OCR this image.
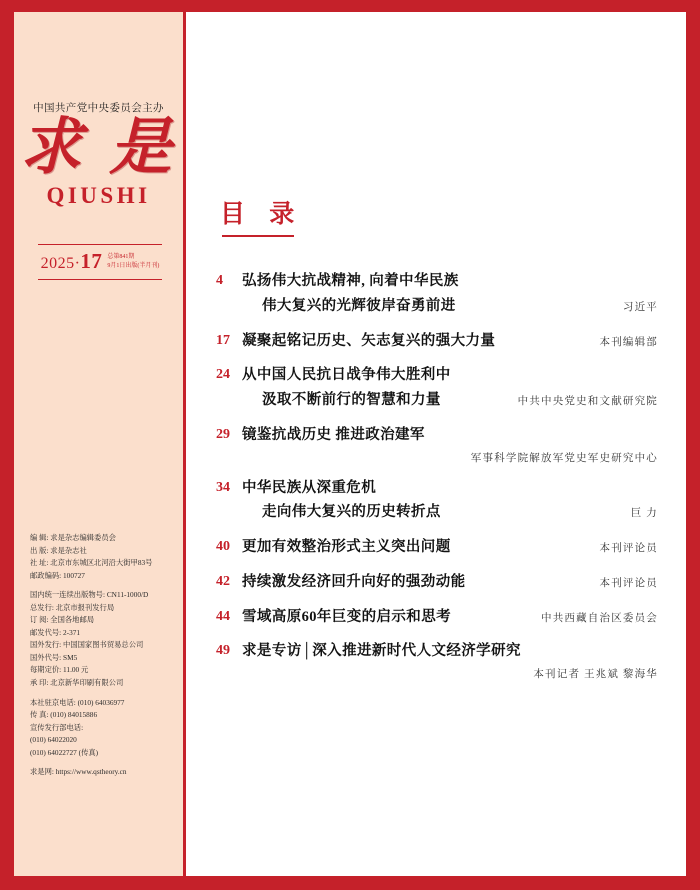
中国共产党中央委员会主办
求 是
QIUSHI
2025·17 总第841期
9月1日出版(半月刊)
编 辑: 求是杂志编辑委员会
出 版: 求是杂志社
社 址: 北京市东城区北河沿大街甲83号
邮政编码: 100727
国内统一连续出版物号: CN11-1000/D
总发行: 北京市报刊发行局
订 阅: 全国各地邮局
邮发代号: 2-371
国外发行: 中国国家图书贸易总公司
国外代号: SM5
每期定价: 11.00 元
承 印: 北京新华印刷有限公司
本社驻京电话: (010) 64036977
传 真: (010) 84015886
宣传发行部电话:
(010) 64022020
(010) 64022727 (传真)
求是网: https://www.qstheory.cn
目 录
4	弘扬伟大抗战精神, 向着中华民族
伟大复兴的光辉彼岸奋勇前进	习近平
17 凝聚起铭记历史、矢志复兴的强大力量	本刊编辑部
24 从中国人民抗日战争伟大胜利中
汲取不断前行的智慧和力量	中共中央党史和文献研究院
29 镜鉴抗战历史 推进政治建军
军事科学院解放军党史军史研究中心
34 中华民族从深重危机
走向伟大复兴的历史转折点	巨 力
40 更加有效整治形式主义突出问题	本刊评论员
42 持续激发经济回升向好的强劲动能	本刊评论员
44 雪域高原60年巨变的启示和思考	中共西藏自治区委员会
49 求是专访│深入推进新时代人文经济学研究
本刊记者 王兆斌 黎海华
